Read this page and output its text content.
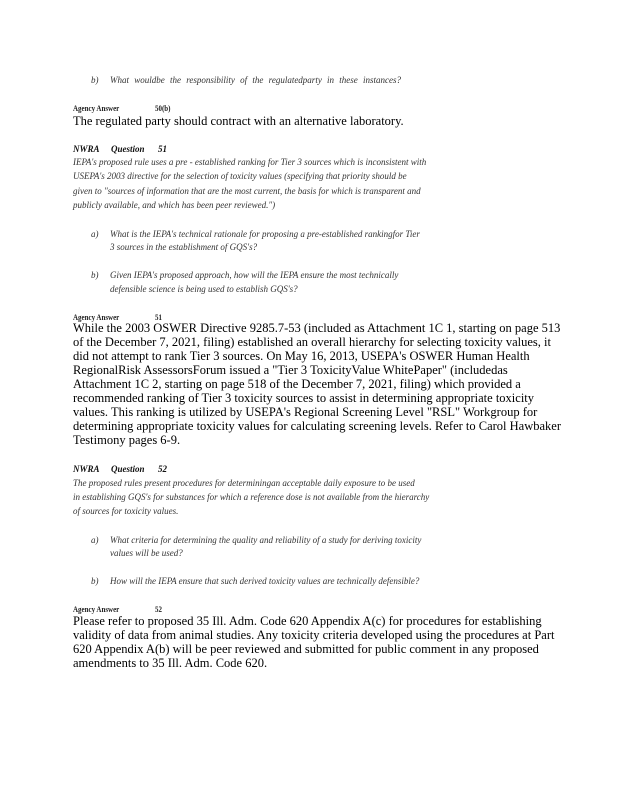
b) What wouldbe the responsibility of the regulatedparty in these instances?
Agency Answer	50(b)
The regulated party should contract with an alternative laboratory.
NWRA Question 51
IEPA's proposed rule uses a pre - established ranking for Tier 3 sources which is inconsistent with
USEPA's 2003 directive for the selection of toxicity values (specifying that priority should be
given to "sources of information that are the most current, the basis for which is transparent and
publicly available, and which has been peer reviewed.")
a) What is the IEPA's technical rationale for proposing a pre-established rankingfor Tier
3 sources in the establishment of GQS's?
b) Given IEPA's proposed approach, how will the IEPA ensure the most technically
defensible science is being used to establish GQS's?
Agency Answer	51
While the 2003 OSWER Directive 9285.7-53 (included as Attachment 1C 1, starting on page 513
of the December 7, 2021, filing) established an overall hierarchy for selecting toxicity values, it
did not attempt to rank Tier 3 sources. On May 16, 2013, USEPA's OSWER Human Health
RegionalRisk AssessorsForum issued a "Tier 3 ToxicityValue WhitePaper" (includedas
Attachment 1C 2, starting on page 518 of the December 7, 2021, filing) which provided a
recommended ranking of Tier 3 toxicity sources to assist in determining appropriate toxicity
values. This ranking is utilized by USEPA's Regional Screening Level "RSL" Workgroup for
determining appropriate toxicity values for calculating screening levels. Refer to Carol Hawbaker
Testimony pages 6-9.
NWRA Question 52
The proposed rules present procedures for determiningan acceptable daily exposure to be used
in establishing GQS's for substances for which a reference dose is not available from the hierarchy
of sources for toxicity values.
a) What criteria for determining the quality and reliability of a study for deriving toxicity
values will be used?
b) How will the IEPA ensure that such derived toxicity values are technically defensible?
Agency Answer	52
Please refer to proposed 35 Ill. Adm. Code 620 Appendix A(c) for procedures for establishing
validity of data from animal studies. Any toxicity criteria developed using the procedures at Part
620 Appendix A(b) will be peer reviewed and submitted for public comment in any proposed
amendments to 35 Ill. Adm. Code 620.
